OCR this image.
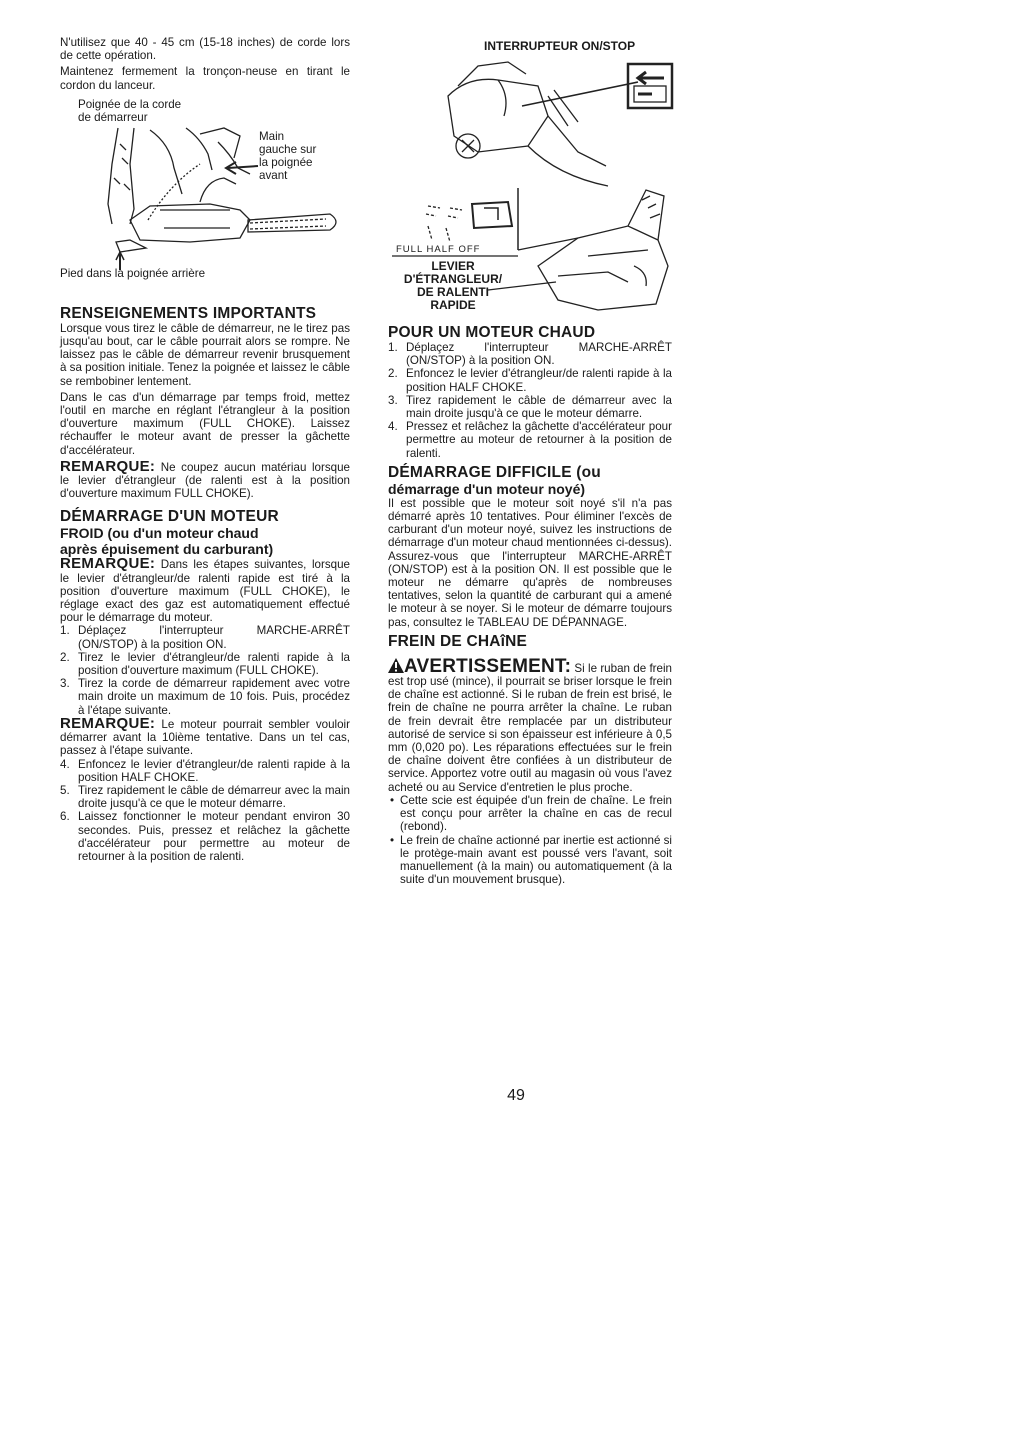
N'utilisez que 40 - 45 cm (15-18 inches) de corde lors de cette opération.

Maintenez fermement la tronçon-neuse en tirant le cordon du lanceur.

Poignée de la corde
de démarreur
Main
gauche sur
la poignée
avant
Pied dans la poignée arrière
RENSEIGNEMENTS IMPORTANTS

Lorsque vous tirez le câble de démarreur, ne le tirez pas jusqu'au bout, car le câble pourrait alors se rompre. Ne laissez pas le câble de démarreur revenir brusquement à sa position initiale. Tenez la poignée et laissez le câble se rembobiner lentement.

Dans le cas d'un démarrage par temps froid, mettez l'outil en marche en réglant l'étrangleur à la position d'ouverture maximum (FULL CHOKE). Laissez réchauffer le moteur avant de presser la gâchette d'accélérateur.

REMARQUE: Ne coupez aucun matériau lorsque le levier d'étrangleur (de ralenti est à la position d'ouverture maximum FULL CHOKE).

DÉMARRAGE D'UN MOTEUR
FROID (ou d'un moteur chaud
après épuisement du carburant)

REMARQUE: Dans les étapes suivantes, lorsque le levier d'étrangleur/de ralenti rapide est tiré à la position d'ouverture maximum (FULL CHOKE), le réglage exact des gaz est automatiquement effectué pour le démarrage du moteur.

1. Déplaçez l'interrupteur MARCHE-ARRÊT (ON/STOP) à la position ON.
2. Tirez le levier d'étrangleur/de ralenti rapide à la position d'ouverture maximum (FULL CHOKE).
3. Tirez la corde de démarreur rapidement avec votre main droite un maximum de 10 fois. Puis, procédez à l'étape suivante.

REMARQUE: Le moteur pourrait sembler vouloir démarrer avant la 10ième tentative. Dans un tel cas, passez à l'étape suivante.

4. Enfoncez le levier d'étrangleur/de ralenti rapide à la position HALF CHOKE.
5. Tirez rapidement le câble de démarreur avec la main droite jusqu'à ce que le moteur démarre.
6. Laissez fonctionner le moteur pendant environ 30 secondes. Puis, pressez et relâchez la gâchette d'accélérateur pour permettre au moteur de retourner à la position de ralenti.
INTERRUPTEUR ON/STOP
FULL HALF OFF
LEVIER
D'ÉTRANGLEUR/
DE RALENTI
RAPIDE
POUR UN MOTEUR CHAUD
1. Déplaçez l'interrupteur MARCHE-ARRÊT (ON/STOP) à la position ON.
2. Enfoncez le levier d'étrangleur/de ralenti rapide à la position HALF CHOKE.
3. Tirez rapidement le câble de démarreur avec la main droite jusqu'à ce que le moteur démarre.
4. Pressez et relâchez la gâchette d'accélérateur pour permettre au moteur de retourner à la position de ralenti.
DÉMARRAGE DIFFICILE (ou
démarrage d'un moteur noyé)

Il est possible que le moteur soit noyé s'il n'a pas démarré après 10 tentatives. Pour éliminer l'excès de carburant d'un moteur noyé, suivez les instructions de démarrage d'un moteur chaud mentionnées ci-dessus). Assurez-vous que l'interrupteur MARCHE-ARRÊT (ON/STOP) est à la position ON. Il est possible que le moteur ne démarre qu'après de nombreuses tentatives, selon la quantité de carburant qui a amené le moteur à se noyer. Si le moteur de démarre toujours pas, consultez le TABLEAU DE DÉPANNAGE.

FREIN DE CHAîNE

AVERTISSEMENT: Si le ruban de frein est trop usé (mince), il pourrait se briser lorsque le frein de chaîne est actionné. Si le ruban de frein est brisé, le frein de chaîne ne pourra arrêter la chaîne. Le ruban de frein devrait être remplacée par un distributeur autorisé de service si son épaisseur est inférieure à 0,5 mm (0,020 po). Les réparations effectuées sur le frein de chaîne doivent être confiées à un distributeur de service. Apportez votre outil au magasin où vous l'avez acheté ou au Service d'entretien le plus proche.

• Cette scie est équipée d'un frein de chaîne. Le frein est conçu pour arrêter la chaîne en cas de recul (rebond).
• Le frein de chaîne actionné par inertie est actionné si le protège-main avant est poussé vers l'avant, soit manuellement (à la main) ou automatiquement (à la suite d'un mouvement brusque).
49
